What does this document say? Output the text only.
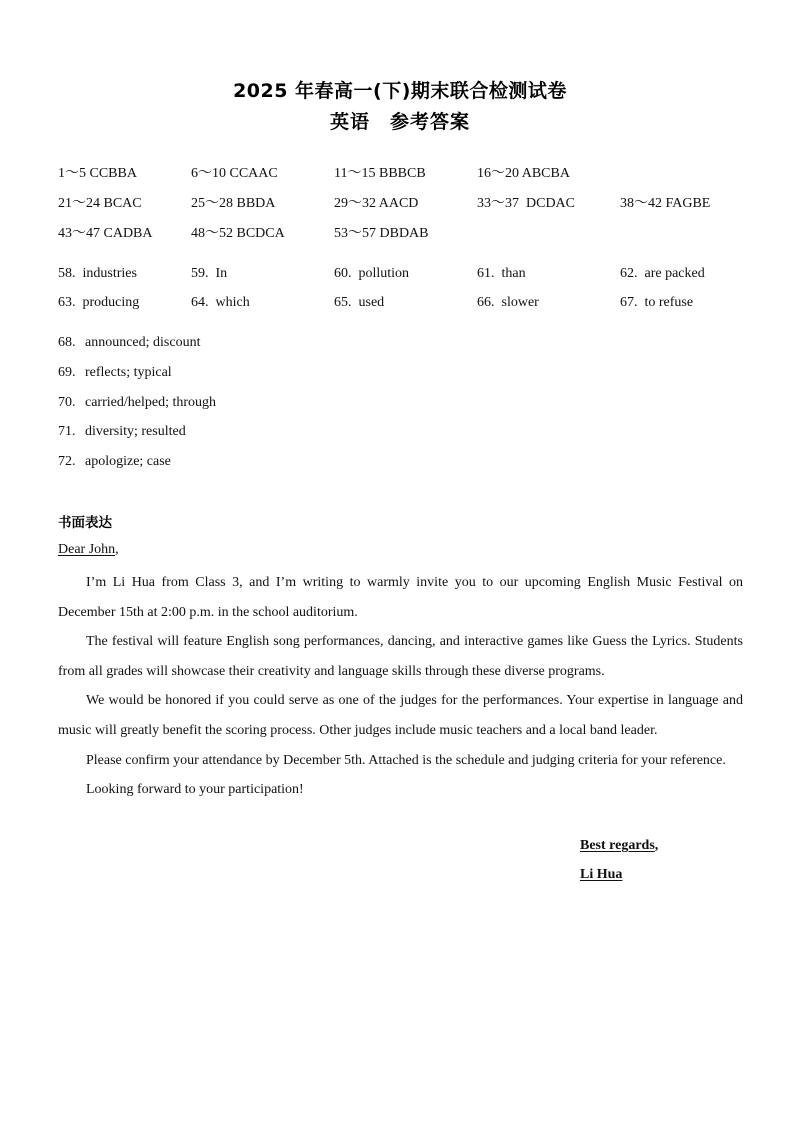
2025 年春高一(下)期末联合检测试卷
英语　参考答案
1～5 CCBBA	6～10 CCAAC	11～15 BBBCB	16～20 ABCBA
21～24 BCAC	25～28 BBDA	29～32 AACD	33～37  DCDAC	38～42 FAGBE
43～47 CADBA	48～52 BCDCA	53～57 DBDAB
58. industries	59. In	60. pollution	61. than	62. are packed
63. producing	64. which	65. used	66. slower	67. to refuse
68. announced; discount
69. reflects; typical
70. carried/helped; through
71. diversity; resulted
72. apologize; case
书面表达
Dear John,

I’m Li Hua from Class 3, and I’m writing to warmly invite you to our upcoming English Music Festival on December 15th at 2:00 p.m. in the school auditorium.

The festival will feature English song performances, dancing, and interactive games like Guess the Lyrics. Students from all grades will showcase their creativity and language skills through these diverse programs.

We would be honored if you could serve as one of the judges for the performances. Your expertise in language and music will greatly benefit the scoring process. Other judges include music teachers and a local band leader.

Please confirm your attendance by December 5th. Attached is the schedule and judging criteria for your reference.

Looking forward to your participation!

Best regards,
Li Hua
